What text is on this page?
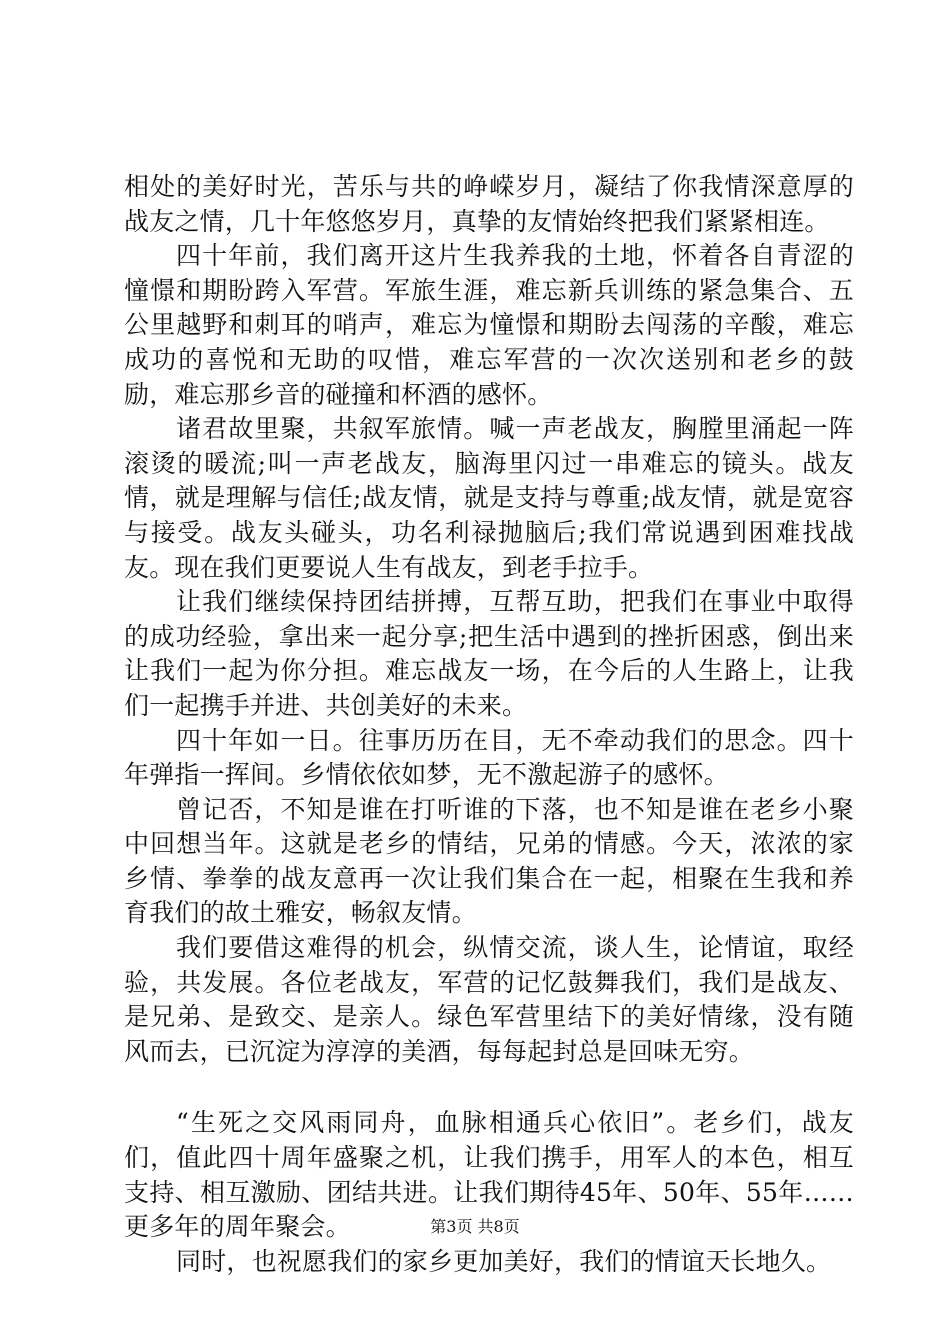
相处的美好时光，苦乐与共的峥嵘岁月，凝结了你我情深意厚的战友之情，几十年悠悠岁月，真挚的友情始终把我们紧紧相连。

四十年前，我们离开这片生我养我的土地，怀着各自青涩的憧憬和期盼跨入军营。军旅生涯，难忘新兵训练的紧急集合、五公里越野和刺耳的哨声，难忘为憧憬和期盼去闯荡的辛酸，难忘成功的喜悦和无助的叹惜，难忘军营的一次次送别和老乡的鼓励，难忘那乡音的碰撞和杯酒的感怀。

诸君故里聚，共叙军旅情。喊一声老战友，胸膛里涌起一阵滚烫的暖流;叫一声老战友，脑海里闪过一串难忘的镜头。战友情，就是理解与信任;战友情，就是支持与尊重;战友情，就是宽容与接受。战友头碰头，功名利禄抛脑后;我们常说遇到困难找战友。现在我们更要说人生有战友，到老手拉手。

让我们继续保持团结拼搏，互帮互助，把我们在事业中取得的成功经验，拿出来一起分享;把生活中遇到的挫折困惑，倒出来让我们一起为你分担。难忘战友一场，在今后的人生路上，让我们一起携手并进、共创美好的未来。

四十年如一日。往事历历在目，无不牵动我们的思念。四十年弹指一挥间。乡情依依如梦，无不激起游子的感怀。

曾记否，不知是谁在打听谁的下落，也不知是谁在老乡小聚中回想当年。这就是老乡的情结，兄弟的情感。今天，浓浓的家乡情、拳拳的战友意再一次让我们集合在一起，相聚在生我和养育我们的故土雅安，畅叙友情。

我们要借这难得的机会，纵情交流，谈人生，论情谊，取经验，共发展。各位老战友，军营的记忆鼓舞我们，我们是战友、是兄弟、是致交、是亲人。绿色军营里结下的美好情缘，没有随风而去，已沉淀为淳淳的美酒，每每起封总是回味无穷。

“生死之交风雨同舟，血脉相通兵心依旧”。老乡们，战友们，值此四十周年盛聚之机，让我们携手，用军人的本色，相互支持、相互激励、团结共进。让我们期待45年、50年、55年……更多年的周年聚会。

同时，也祝愿我们的家乡更加美好，我们的情谊天长地久。

第3页 共8页
